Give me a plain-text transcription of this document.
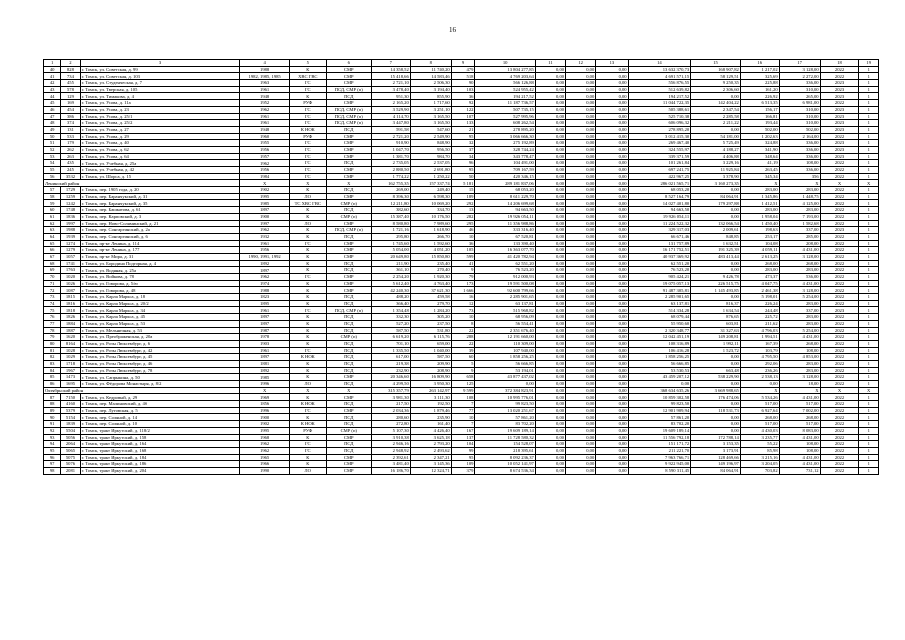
16
1	2	3	4	5	6	7	8	9	10	11	12	13	14	15	16	17	18	19
40	828	г. Томск, ул. Советская, д. 99	1988	К	СМР	14 358,52	11 740,20	479	13 804 277,85	0,00	0,00	0,00	13 632 370,73	168 907,82	1 217,02	3 128,00	2022	1
41	734	г. Томск, ул. Советская, д. 103	1982, 1985, 1985	ХВС ГВС	СМР	15 418,66	14 583,46	518	4 769 203,64	0,00	0,00	0,00	4 691 571,15	58 129,51	325,69	2 272,00	2022	1
42	455	г. Томск, ул. Студенческая, д. 7	1963	ГС	СМР	2 721,10	2 506,30	90	566 126,88	0,00	0,00	0,00	556 876,55	9 250,35	225,88	336,00	2023	1
43	578	г. Томск, ул. Тверская, д. 105	1961	ГС	ПСД, СМР (п)	3 478,40	3 194,40	103	524 955,42	0,00	0,00	0,00	512 639,82	2 306,60	161,20	310,00	2023	1
44	129	г. Томск, ул. Тимакова, д. 4	1948	К	ПСД	951,30	855,90	36	194 217,52	0,00	0,00	0,00	194 217,52	0,00	226,92	265,00	2023	1
45	169	г. Томск, ул. Усова, д. 11а	1952	РУФ	СМР	2 165,20	1 717,60	92	11 187 736,57	0,00	0,00	0,00	11 044 722,35	142 404,22	6 513,35	6 981,00	2022	1
46	454	г. Томск, ул. Усова, д. 23	1962	ГС	ПСД, СМР (п)	3 529,90	3 251,10	122	507 735,15	0,00	0,00	0,00	505 388,61	2 347,54	156,17	310,00	2023	1
47	386	г. Томск, ул. Усова, д. 25/1	1961	ГС	ПСД, СМР (п)	4 114,70	3 165,50	107	527 995,96	0,00	0,00	0,00	525 710,38	2 285,58	166,81	310,00	2023	1
48	374	г. Томск, ул. Усова, д. 25/2	1961	ГС	ПСД, СМР (п)	3 447,80	3 165,50	133	608 262,54	0,00	0,00	0,00	606 096,32	2 211,22	193,44	310,00	2023	1
49	131	г. Томск, ул. Усова, д. 27	1948	К НОК	ПСД	591,58	547,60	21	278 895,20	0,00	0,00	0,00	278 895,20	0,00	502,00	502,00	2023	1
50	533	г. Томск, ул. Усова, д. 29	1960	РУФ	СМР	2 721,20	2 549,90	95	3 066 666,30	0,00	0,00	0,00	3 012 415,30	54 181,00	1 202,63	2 164,00	2022	1
51	179	г. Томск, ул. Усова, д. 40	1955	ГС	СМР	910,90	848,90	32	275 192,89	0,00	0,00	0,00	269 467,40	5 725,49	324,88	336,00	2023	1
52	262	г. Томск, ул. Усова, д. 62	1956	ГС	СМР	1 047,70	956,50	37	328 744,24	0,00	0,00	0,00	324 555,97	4 188,27	341,90	336,00	2023	1
53	263	г. Томск, ул. Усова, д. 64	1957	ГС	СМР	1 381,70	984,70	34	343 778,47	0,00	0,00	0,00	339 371,59	4 406,88	348,64	336,00	2023	1
54	435	г. Томск, ул. Учебная, д. 25а	1962	ГС	ПСД	2 735,05	2 537,05	96	104 491,00	0,00	0,00	0,00	101 261,84	3 229,16	41,19	108,00	2022	1
55	245	г. Томск, ул. Учебная, д. 42	1956	ГС	СМР	2 880,50	2 691,80	95	709 167,59	0,00	0,00	0,00	697 241,75	11 925,84	263,45	336,00	2022	1
56	3532	г. Томск, ул. Шорса, д. 15	1984	ГС	СМР	1 774,22	1 250,22	50	420 346,15	0,00	0,00	0,00	422 967,25	3 378,90	345,34	356	2022	1
Ленинский район			Х	Х	Х	162 755,35	157 337,74	5 181	289 181 837,06	0,00	0,00	0,00	286 021 565,71	3 160 273,35	Х	Х	Х	Х
57	1729	г. Томск, пер. 1905 года, д. 20	1902	К	ПСД	269,00	249,40	15	68 053,20	0,00	0,00	0,00	68 053,20	0,00	283,00	283,00	2022	1
58	1259	г. Томск, пер. Баранчукский, д. 31	1995	ЛО	СМР	8 396,30	6 598,30	189	8 611 229,70	0,00	0,00	0,00	8 527 164,79	84 064,91	1 345,86	1 448,75	2022	1
59	1242	г. Томск, пер. Баранчукский, д. 35	1985	ТС ХВС ГВС	СМР (п)	12 211,80	10 069,20	292	14 206 699,68	0,00	0,00	0,00	14 027 401,80	179 297,88	1 412,51	4 125,00	2022	1
60	1748	г. Томск, пер. Башкатова, д. 61	1897	К	ПСД	382,60	334,70	13	94 663,50	0,00	0,00	0,00	94 663,50	0,00	283,00	283,00	2022	1
61	1836	г. Томск, пер. Карповский, д. 3	1900	К	СМР (п)	15 387,40	10 176,50	282	19 926 054,11	0,00	0,00	0,00	19 926 054,11	0,00	1 958,04	7 193,00	2022	1
62	1997	г. Томск, пер. Ново-Соляминский, д. 21	1997	ЛО	СМР	8 580,80	7 989,60	295	11 356 988,86	0,00	0,00	0,00	11 224 522,32	132 066,54	1 450,40	1 582,68	2022	1
63	1988	г. Томск, пер. Сонгаргинский, д. 2а	1962	К	ПСД, СМР (п)	1 721,16	1 618,90	46	333 316,40	0,00	0,00	0,00	329 317,03	2 009,61	198,63	337,00	2023	1
64	1939	г. Томск, пер. Сонгаргинский, д. 6	1932	К	ПСД	295,80	266,70	10	67 520,81	0,00	0,00	0,00	66 671,46	848,85	253,17	285,00	2022	1
65	1274	г. Томск, пр-кт Ленина, д. 114	1961	ГС	СМР	1 745,60	1 592,60	36	133 390,40	0,00	0,00	0,00	131 757,89	1 632,51	104,08	208,00	2022	1
66	1279	г. Томск, пр-кт Ленина, д. 177	1956	К	СМР	5 054,00	4 051,20	105	16 363 077,70	0,00	0,00	0,00	16 171 752,51	191 325,39	4 059,11	4 431,00	2022	1
67	1057	г. Томск, пр-кт Мира, д. 31	1990, 1991, 1992	К	СМР	20 649,80	15 850,80	599	41 420 782,94	0,00	0,00	0,00	40 937 369,92	483 413,44	2 613,25	3 128,00	2022	1
68	1741	г. Томск, ул. Бородина Подгорная, д. 4	1892	К	ПСД	211,90	235,40	41	62 551,20	0,00	0,00	0,00	62 551,20	0,00	268,00	268,00	2022	1
69	1763	г. Томск, ул. Водяная, д. 25а	1897	К	ПСД	361,10	270,40	9	76 523,20	0,00	0,00	0,00	76 523,20	0,00	283,00	283,00	2022	1
70	1020	г. Томск, ул. Войкова, д. 78	1962	ГС	СМР	2 254,20	1 920,30	79	912 000,93	0,00	0,00	0,00	905 424,21	9 426,78	473,37	536,00	2022	1
71	1026	г. Томск, ул. Говорова, д. 5/ю	1974	К	СМР	5 612,40	4 763,40	173	19 591 500,08	0,00	0,00	0,00	19 075 057,13	226 515,75	4 047,75	4 431,00	2022	1
72	1087	г. Томск, ул. Говорова, д. 48	1988	К	СМР	42 240,30	37 621,30	1 666	92 600 799,66	0,00	0,00	0,00	91 487 305,81	1 145 493,85	2 461,38	3 128,00	2022	1
73	1815	г. Томск, ул. Карла Маркса, д. 18	1823	К	ПСД	488,20	459,58	16	2 285 901,65	0,00	0,00	0,00	2 285 901,65	0,00	5 198,01	5 254,00	2022	1
74	1816	г. Томск, ул. Карла Маркса, д. 20/2	1895	К	ПСД	366,40	279,70	12	63 137,81	0,00	0,00	0,00	63 137,81	816,37	226,24	283,00	2022	1
75	1818	г. Томск, ул. Карла Маркса, д. 34	1961	ГС	ПСД, СМР (п)	1 354,48	1 284,20	73	515 968,82	0,00	0,00	0,00	514 334,28	1 634,54	244,48	337,00	2023	1
76	1826	г. Томск, ул. Карла Маркса, д. 45	1897	К	ПСД	332,30	305,20	10	68 956,09	0,00	0,00	0,00	68 079,44	876,65	225,72	283,00	2022	1
77	1884	г. Томск, ул. Карла Маркса, д. 53	1897	К	ПСД	527,20	237,50	8	56 554,41	0,00	0,00	0,00	55 950,60	603,81	211,62	283,00	2022	1
78	1887	г. Томск, ул. Мельничная, д. 53	1987	К	ПСД	587,50	531,80	22	2 351 676,40	0,00	0,00	0,00	2 320 348,77	31 327,63	4 796,03	5 254,00	2022	1
79	1620	г. Томск, ул. Преображенская, д. 20а	1978	К	СМР (п)	6 619,20	6 115,76	288	12 191 660,00	0,00	0,00	0,00	12 042 451,19	149 208,81	1 994,51	4 431,00	2022	1
80	8164	г. Томск, ул. Розы Люксембург, д. 6	1903	К	ПСД	701,10	659,00	22	110 309,00	0,00	0,00	0,00	108 316,89	1 992,11	167,39	268,00	2022	1
81	1028	г. Томск, ул. Розы Люксембург, д. 42	1961	ГС	ПСД	1 335,50	1 040,00	39	107 940,00	0,00	0,00	0,00	106 416,28	1 523,72	103,79	108,00	2022	1
82	1029	г. Томск, ул. Розы Люксембург, д. 45	1897	К НОК	ПСД	617,00	587,50	60	1 858 256,25	0,00	0,00	0,00	1 858 256,25	0,00	4 795,50	4 853,00	2022	1
83	1718	г. Томск, ул. Розы Люксембург, д. 46	1881	К	ПСД	219,38	209,90	5	56 666,85	0,00	0,00	0,00	56 666,85	0,00	292,06	283,00	2022	1
84	1967	г. Томск, ул. Розы Люксембург, д. 78	1892	К	ПСД	232,90	208,90	9	53 194,01	0,00	0,00	0,00	53 530,53	663,48	236,26	283,00	2022	1
85	1473	г. Томск, ул. Сапрыкина, д. 50	1985	К	СМР	20 346,60	16 809,90	658	43 877 437,02	0,00	0,00	0,00	43 459 207,12	538 229,90	2 538,13	3 128,00	2022	1
86	1695	г. Томск, ул. Фёдорова Монастыря, д. 8/2	1996	ЛО	ПСД	4 299,50	3 950,30	125	0,00	0,00	0,00	0,00	0,00	0,00	0,00	18,00	2022	1
Октябрьский район			Х	Х	Х	315 357,79	263 142,97	9 599	372 384 823,91	0,00	0,00	0,00	368 634 635,26	3 669 988,65	Х	Х	Х	Х
87	7150	г. Томск, ул. Кедровый, д. 29	1969	К	СМР	3 981,30	3 111,30	108	10 995 776,01	0,00	0,00	0,00	10 859 302,58	176 474,06	5 534,26	4 431,00	2022	1
88	4160	г. Томск, пер. Малиновский, д. 4б	1856	К НОК	ПСД	217,50	192,50	7	99 823,50	0,00	0,00	0,00	99 823,50	0,00	517,00	517,00	2022	1
89	5379	г. Томск, пер. Луговская, д. 5	1996	ГС	СМР	2 034,36	1 879,46	77	13 020 251,67	0,00	0,00	0,00	12 901 909,94	118 531,73	6 927,64	7 002,00	2022	1
90	5154	г. Томск, пер. Соляной, д. 14	1900	К	ПСД	280,60	235,90	10	57 861,20	0,00	0,00	0,00	57 861,20	0,00	268,00	268,00	2022	1
91	1839	г. Томск, пер. Соляной, д. 10	1902	К НОК	ПСД	272,80	161,40	7	83 702,20	0,00	0,00	0,00	83 702,20	0,00	517,00	517,00	2022	1
92	5504	г. Томск, тракт Иркутский, д. 118/2	1995	РУФ	СМР (п)	5 107,30	4 426,40	167	19 609 189,14	0,00	0,00	0,00	19 609 189,14	0,00	4 430,03	8 083,00	2022	1
93	5056	г. Томск, тракт Иркутский, д. 158	1968	К	СМР	3 910,38	3 625,18	137	11 728 580,32	0,00	0,00	0,00	11 556 792,18	172 788,14	3 235,77	4 431,00	2022	1
94	2064	г. Томск, тракт Иркутский, д. 164	1962	ГС	ПСД	2 946,16	2 793,20	104	154 528,07	0,00	0,00	0,00	151 171,72	3 153,35	55,22	108,00	2022	1
95	5065	г. Томск, тракт Иркутский, д. 168	1962	ГС	ПСД	2 948,92	2 493,62	99	218 395,61	0,00	0,00	0,00	211 221,70	3 173,91	85,98	108,00	2022	1
96	5075	г. Томск, тракт Иркутский, д. 184	1965	К	СМР	2 392,61	2 347,21	95	8 092 236,37	0,00	0,00	0,00	7 963 766,71	128 469,66	3 215,16	4 431,00	2022	1
97	5076	г. Томск, тракт Иркутский, д. 186	1966	К	СМР	3 481,40	3 145,36	109	10 052 141,97	0,00	0,00	0,00	9 922 945,00	149 196,97	3 204,05	4 431,00	2022	1
98	2081	г. Томск, тракт Иркутский, д. 204	1990	ЛО	СМР	16 186,70	12 324,71	379	8 674 536,34	0,00	0,00	0,00	8 590 311,45	84 064,91	703,82	731,12	2022	1
